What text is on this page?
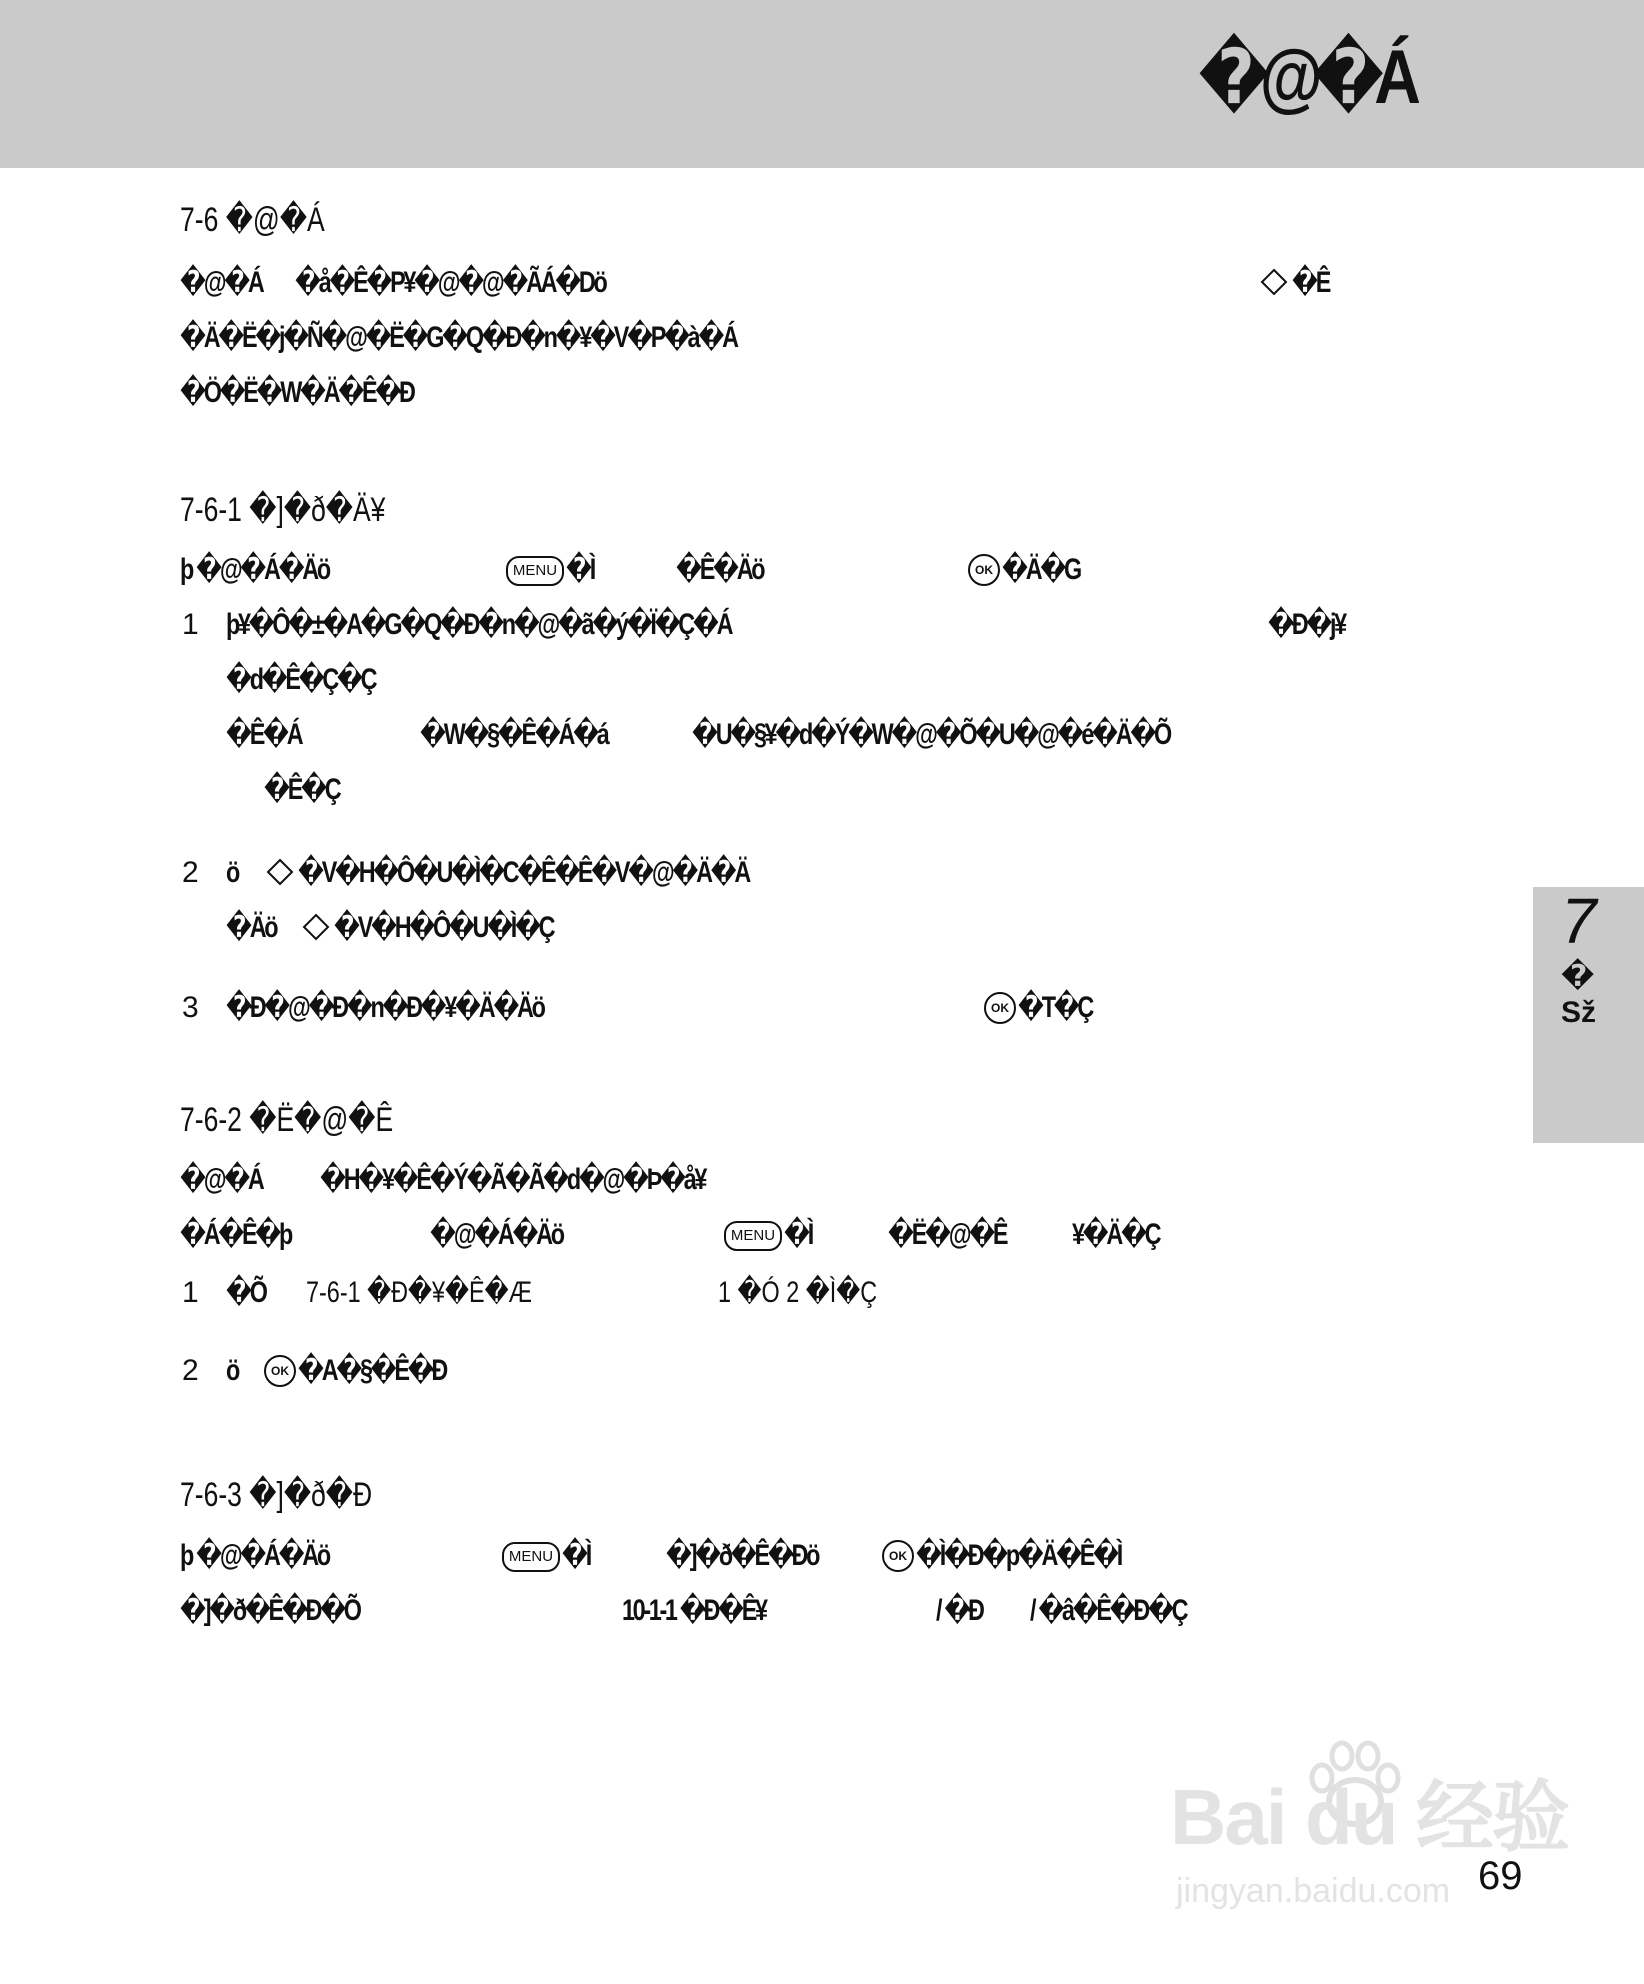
�@�Á
7
�Sž
7-6 �@�Á
�@�Á �å�Ê�P¥�@�@�ÃÁ�Dö	�Ê
�Ä�Ë�j�Ñ�@�Ë�G�Q�Ð�n�¥�V�P�à�Á
�Ö�Ë�W�Ä�Ê�Ð
7-6-1 �]�ð�Ä¥
þ �@�Á�Äö	MENU �Ì	�Ê�Äö	OK �Ä�G
1 þ¥�Ô�±�A�G�Q�Ð�n�@�ã�ý�Ï�Ç�Á	�Ð�j¥
�d�Ê�Ç�Ç
�Ê�Á	�W�§�Ê�Á�á	�U�§¥�d�Ý�W�@�Õ�U�@�é�Ä�Õ
�Ê�Ç
2 ö �V�H�Ô�U�Ì�C�Ê�Ê�V�@�Ä�Ä
�Äö �V�H�Ô�U�Ì�Ç
3 �Ð�@�Ð�n�Ð�¥�Ä�Äö	OK �T�Ç
7-6-2 �Ë�@�Ê
�@�Á �H�¥�Ê�Ý�Ã�Ã�d�@�Þ�å¥
�Á�Ê�þ	�@�Á�Äö	MENU �Ì	�Ë�@�Ê ¥�Ä�Ç
1 �Õ 7-6-1 �Ð�¥�Ê�Æ	1 �Ó 2 �Ì�Ç
2 ö	OK �A�§�Ê�Ð
7-6-3 �]�ð�Ð
þ �@�Á�Äö	MENU �Ì	�]�ð�Ê�Ðö	OK �Ì�Ð�p�Ä�Ê�Ì
�]�ð�Ê�Ð�Õ	10-1-1 �Ð�Ê¥	/ �Ð / �â�Ê�Ð�Ç
Bai du 经验
jingyan.baidu.com 69
